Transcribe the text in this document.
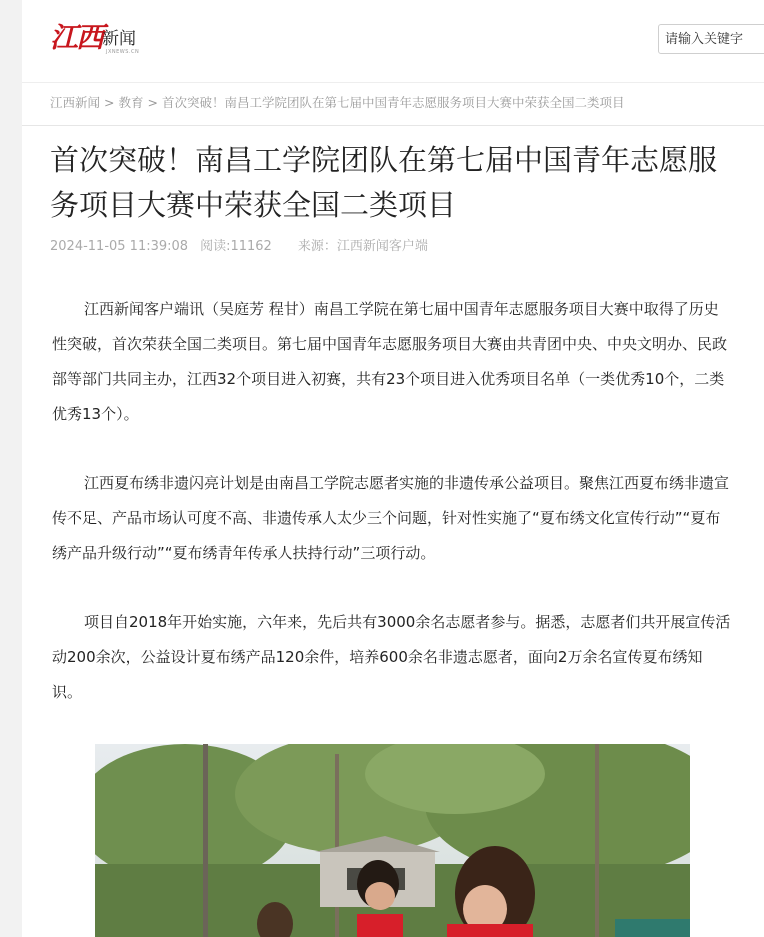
江西 新闻
JXNEWS.CN
请输入关键字
江西新闻 > 教育 > 首次突破！南昌工学院团队在第七届中国青年志愿服务项目大赛中荣获全国二类项目
首次突破！南昌工学院团队在第七届中国青年志愿服务项目大赛中荣获全国二类项目
2024-11-05 11:39:08 阅读:11162 来源：江西新闻客户端

江西新闻客户端讯（吴庭芳 程甘）南昌工学院在第七届中国青年志愿服务项目大赛中取得了历史性突破，首次荣获全国二类项目。第七届中国青年志愿服务项目大赛由共青团中央、中央文明办、民政部等部门共同主办，江西32个项目进入初赛，共有23个项目进入优秀项目名单（一类优秀10个，二类优秀13个）。

江西夏布绣非遗闪亮计划是由南昌工学院志愿者实施的非遗传承公益项目。聚焦江西夏布绣非遗宣传不足、产品市场认可度不高、非遗传承人太少三个问题，针对性实施了“夏布绣文化宣传行动”“夏布绣产品升级行动”“夏布绣青年传承人扶持行动”三项行动。

项目自2018年开始实施，六年来，先后共有3000余名志愿者参与。据悉，志愿者们共开展宣传活动200余次，公益设计夏布绣产品120余件，培养600余名非遗志愿者，面向2万余名宣传夏布绣知识。
